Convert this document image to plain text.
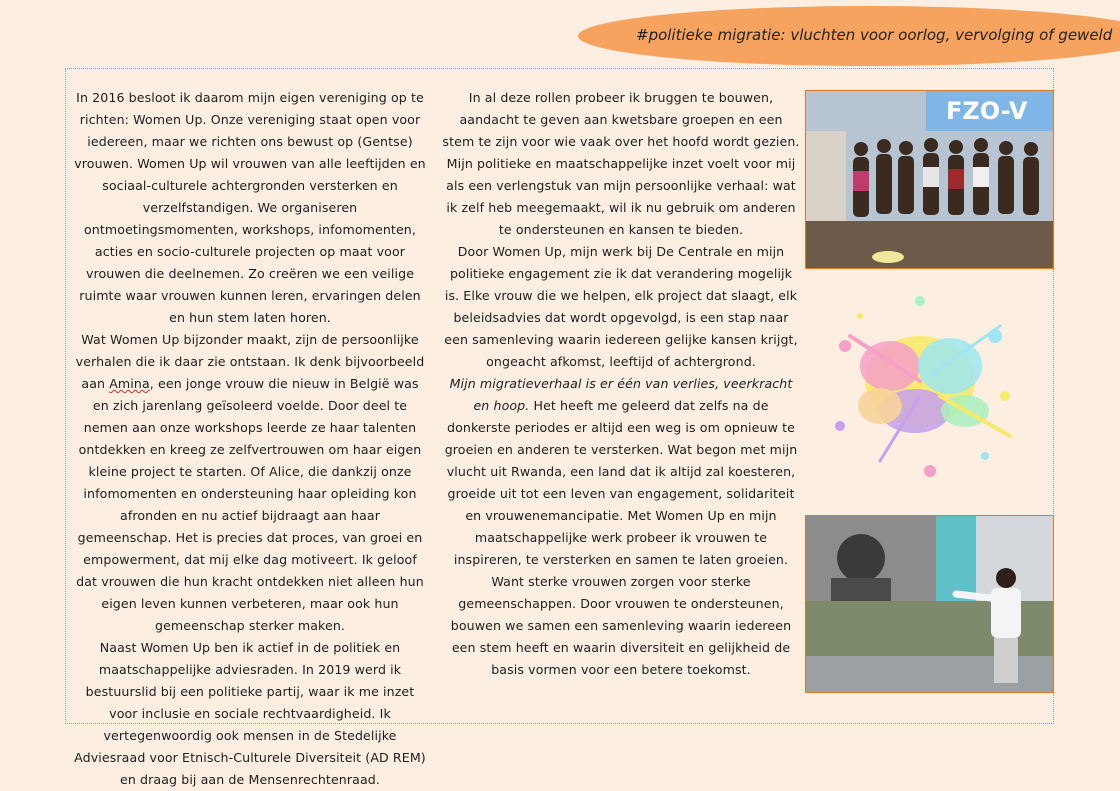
#politieke migratie: vluchten voor oorlog, vervolging of geweld

In 2016 besloot ik daarom mijn eigen vereniging op te richten: Women Up. Onze vereniging staat open voor iedereen, maar we richten ons bewust op (Gentse) vrouwen. Women Up wil vrouwen van alle leeftijden en sociaal-culturele achtergronden versterken en verzelfstandigen. We organiseren ontmoetingsmomenten, workshops, infomomenten, acties en socio-culturele projecten op maat voor vrouwen die deelnemen. Zo creëren we een veilige ruimte waar vrouwen kunnen leren, ervaringen delen en hun stem laten horen.

Wat Women Up bijzonder maakt, zijn de persoonlijke verhalen die ik daar zie ontstaan. Ik denk bijvoorbeeld aan Amina, een jonge vrouw die nieuw in België was en zich jarenlang geïsoleerd voelde. Door deel te nemen aan onze workshops leerde ze haar talenten ontdekken en kreeg ze zelfvertrouwen om haar eigen kleine project te starten. Of Alice, die dankzij onze infomomenten en ondersteuning haar opleiding kon afronden en nu actief bijdraagt aan haar gemeenschap. Het is precies dat proces, van groei en empowerment, dat mij elke dag motiveert. Ik geloof dat vrouwen die hun kracht ontdekken niet alleen hun eigen leven kunnen verbeteren, maar ook hun gemeenschap sterker maken.

Naast Women Up ben ik actief in de politiek en maatschappelijke adviesraden. In 2019 werd ik bestuurslid bij een politieke partij, waar ik me inzet voor inclusie en sociale rechtvaardigheid. Ik vertegenwoordig ook mensen in de Stedelijke Adviesraad voor Etnisch-Culturele Diversiteit (AD REM) en draag bij aan de Mensenrechtenraad.

In al deze rollen probeer ik bruggen te bouwen, aandacht te geven aan kwetsbare groepen en een stem te zijn voor wie vaak over het hoofd wordt gezien. Mijn politieke en maatschappelijke inzet voelt voor mij als een verlengstuk van mijn persoonlijke verhaal: wat ik zelf heb meegemaakt, wil ik nu gebruik om anderen te ondersteunen en kansen te bieden.

Door Women Up, mijn werk bij De Centrale en mijn politieke engagement zie ik dat verandering mogelijk is. Elke vrouw die we helpen, elk project dat slaagt, elk beleidsadvies dat wordt opgevolgd, is een stap naar een samenleving waarin iedereen gelijke kansen krijgt, ongeacht afkomst, leeftijd of achtergrond.

Mijn migratieverhaal is er één van verlies, veerkracht en hoop. Het heeft me geleerd dat zelfs na de donkerste periodes er altijd een weg is om opnieuw te groeien en anderen te versterken. Wat begon met mijn vlucht uit Rwanda, een land dat ik altijd zal koesteren, groeide uit tot een leven van engagement, solidariteit en vrouwenemancipatie. Met Women Up en mijn maatschappelijke werk probeer ik vrouwen te inspireren, te versterken en samen te laten groeien.

Want sterke vrouwen zorgen voor sterke gemeenschappen. Door vrouwen te ondersteunen, bouwen we samen een samenleving waarin iedereen een stem heeft en waarin diversiteit en gelijkheid de basis vormen voor een betere toekomst.

FZO-V
